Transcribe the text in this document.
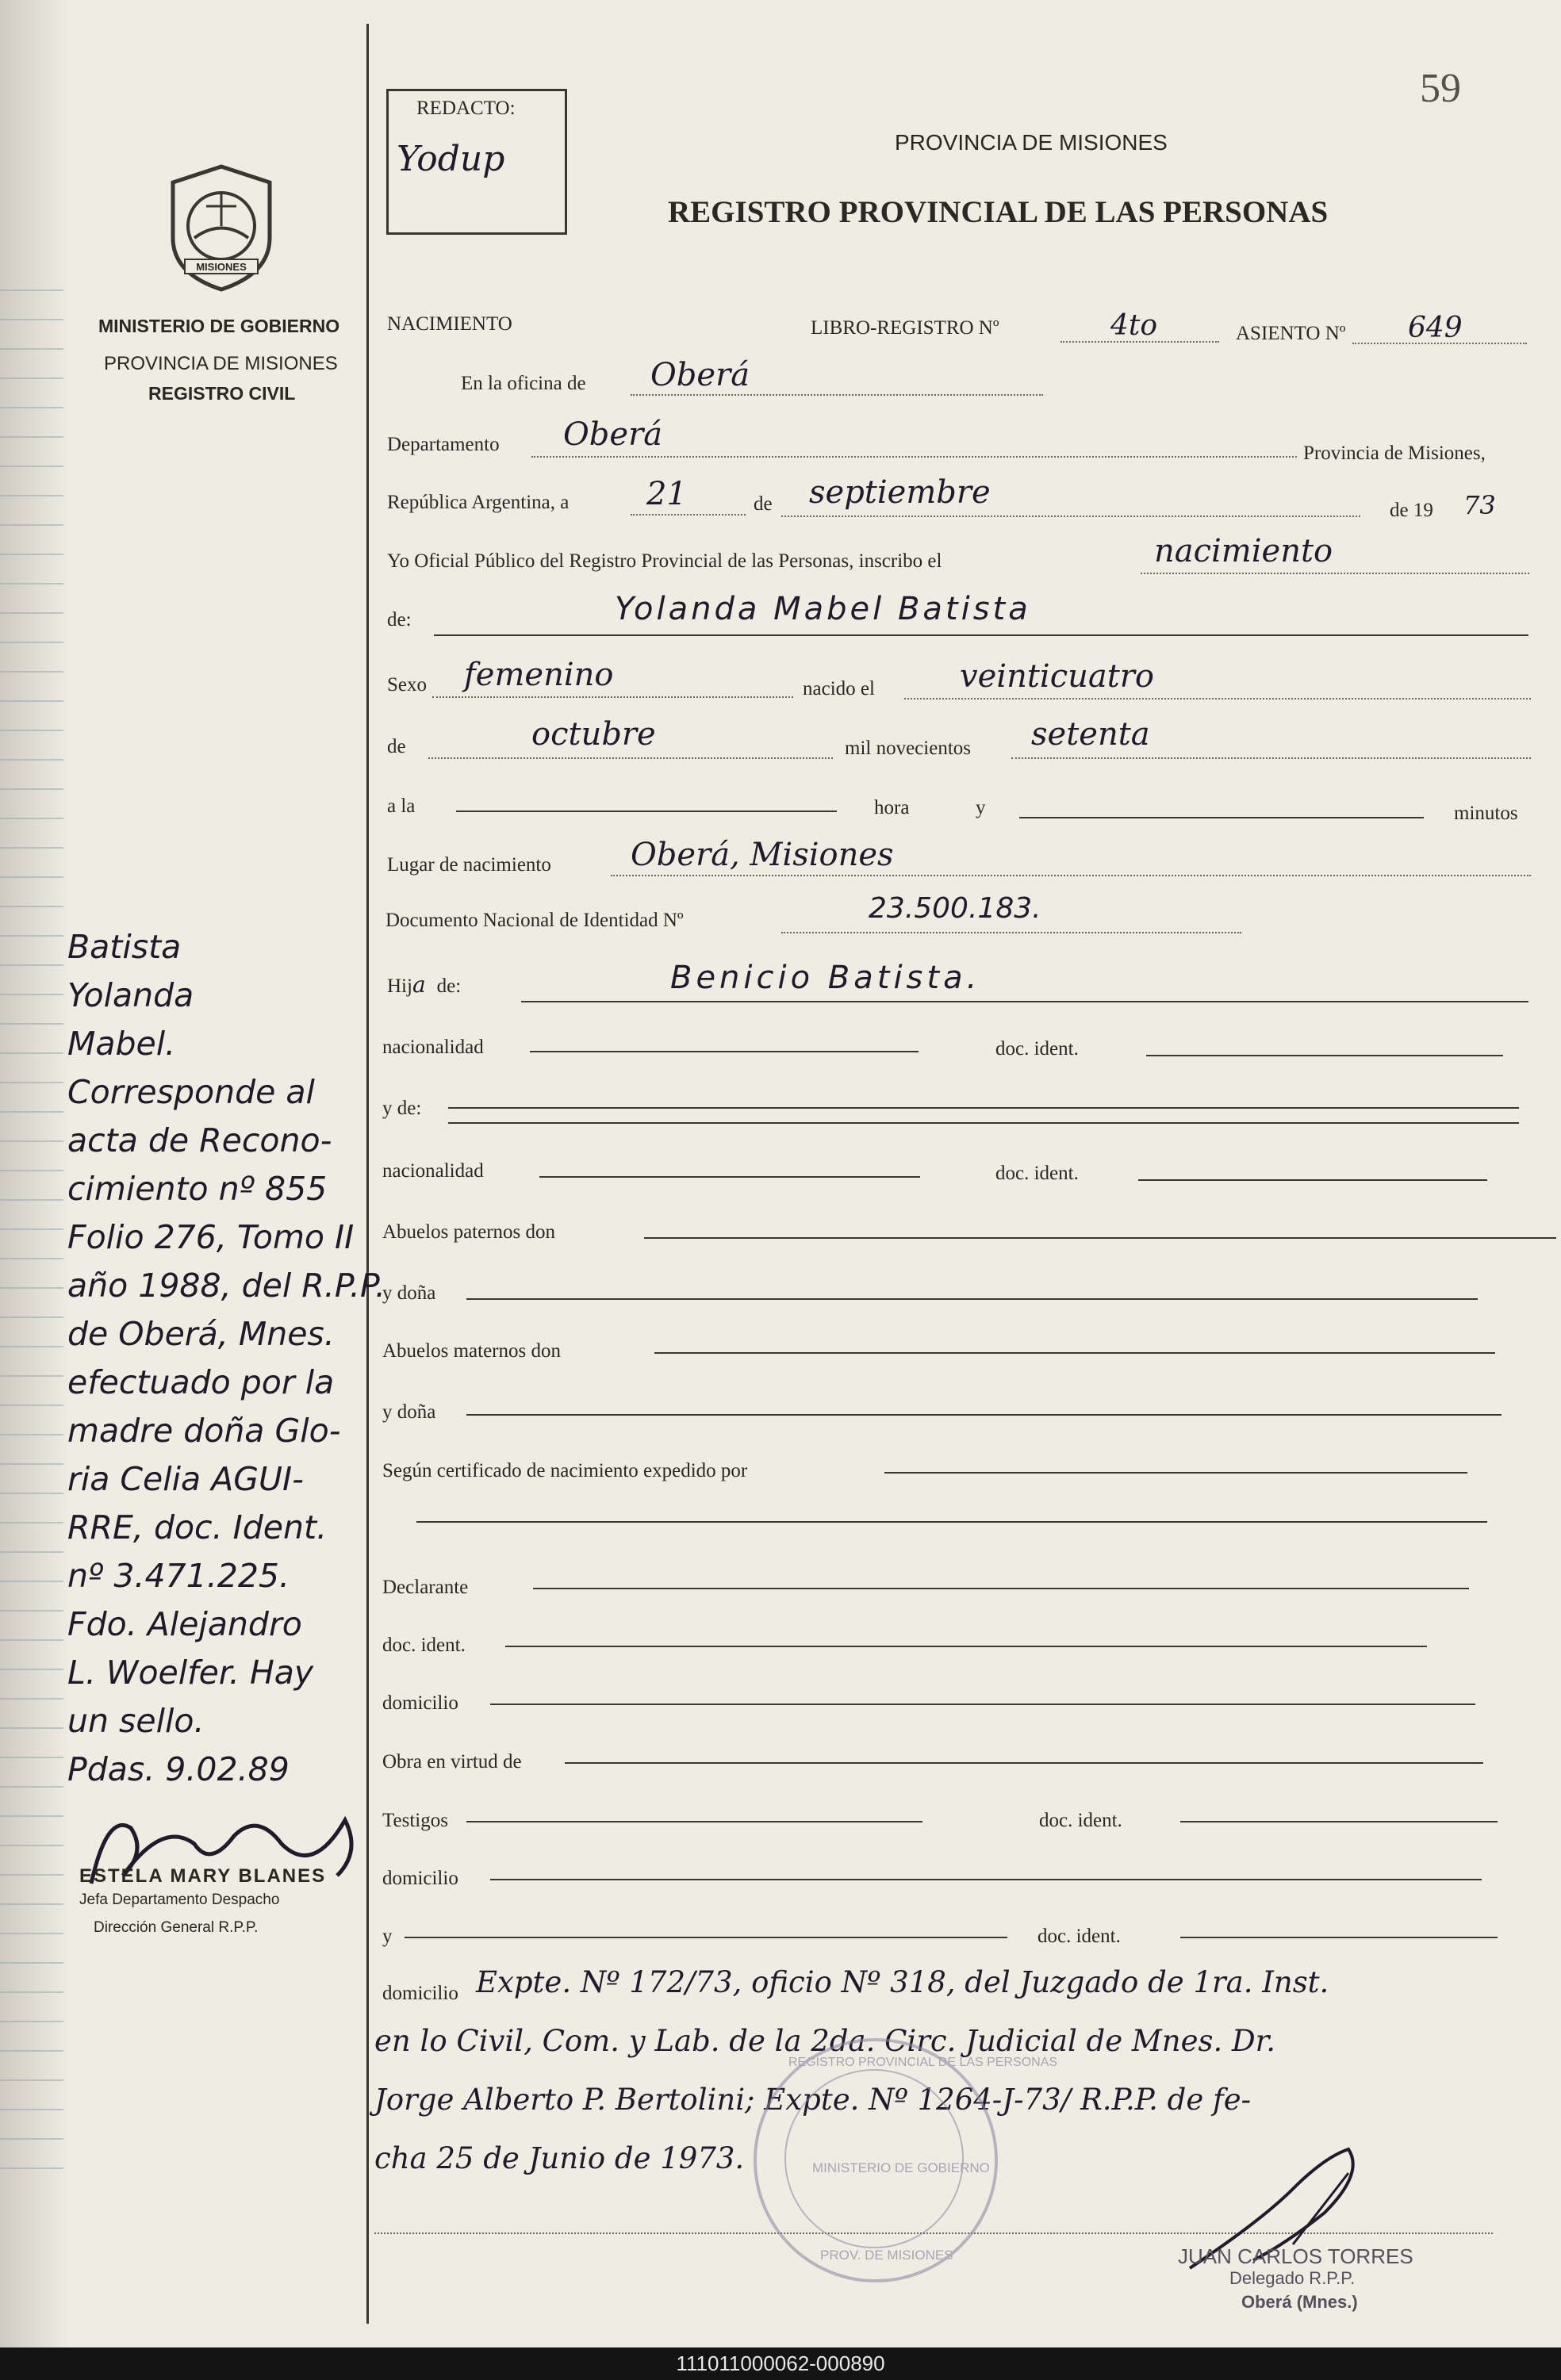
59
REDACTO:
Yodup	PROVINCIA DE MISIONES
REGISTRO PROVINCIAL DE LAS PERSONAS
MISIONES
MINISTERIO DE GOBIERNO
PROVINCIA DE MISIONES
REGISTRO CIVIL
NACIMIENTO	LIBRO-REGISTRO Nº	4to	ASIENTO Nº 649
En la oficina de Oberá
Departamento Oberá
Provincia de Misiones,
República Argentina, a 21	de septiembre	de 19 73
Yo Oficial Público del Registro Provincial de las Personas, inscribo el	nacimiento
de:	Yolanda Mabel Batista
Sexo femenino	nacido el	veinticuatro
de	octubre	mil novecientos setenta
a la	hora	y	minutos
Lugar de nacimiento	Oberá, Misiones
Documento Nacional de Identidad Nº	23.500.183.
Hija de:	Benicio Batista.
nacionalidad	doc. ident.
y de:
nacionalidad	doc. ident.
Abuelos paternos don
y doña
Abuelos maternos don
y doña
Según certificado de nacimiento expedido por
Declarante
doc. ident.
domicilio
Obra en virtud de
Testigos	doc. ident.
domicilio
y	doc. ident.
domicilio Expte. Nº 172/73, oficio Nº 318, del Juzgado de 1ra. Inst.
en lo Civil, Com. y Lab. de la 2da. Circ. Judicial de Mnes. Dr.
Jorge Alberto P. Bertolini; Expte. Nº 1264-J-73/ R.P.P. de fe-
cha 25 de Junio de 1973.
REGISTRO PROVINCIAL DE LAS PERSONAS
MINISTERIO DE GOBIERNO
PROV. DE MISIONES	JUAN CARLOS TORRES
Delegado R.P.P.
Oberá (Mnes.)
Batista
Yolanda
Mabel.
Corresponde al
acta de Recono-
cimiento nº 855
Folio 276, Tomo II
año 1988, del R.P.P.
de Oberá, Mnes.
efectuado por la
madre doña Glo-
ria Celia AGUI-
RRE, doc. Ident.
nº 3.471.225.
Fdo. Alejandro
L. Woelfer. Hay
un sello.
Pdas. 9.02.89
ESTELA MARY BLANES
Jefa Departamento Despacho
Dirección General R.P.P.
111011000062-000890
